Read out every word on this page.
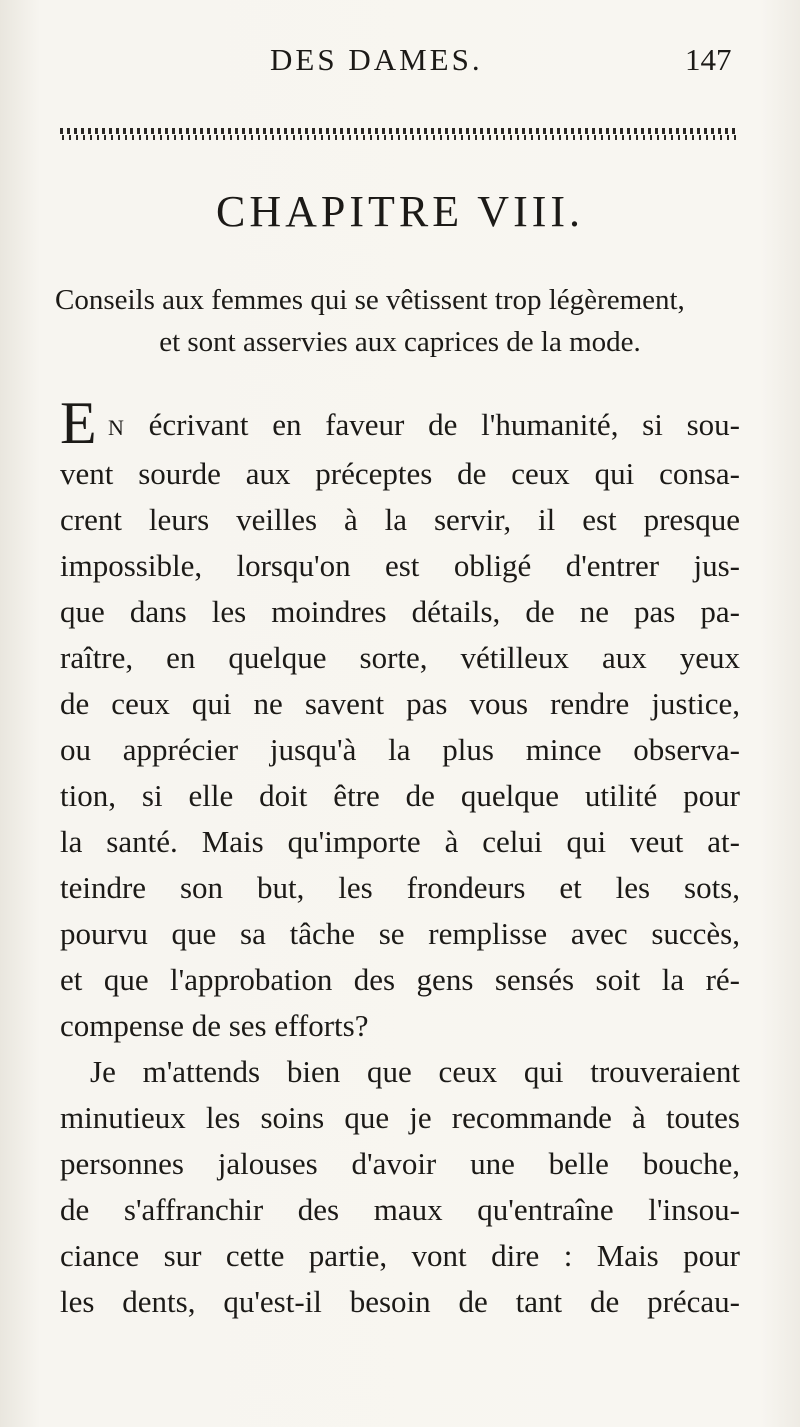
DES DAMES.	147
CHAPITRE VIII.
Conseils aux femmes qui se vêtissent trop légèrement,
et sont asservies aux caprices de la mode.
E N écrivant en faveur de l'humanité, si sou-
vent sourde aux préceptes de ceux qui consa-
crent leurs veilles à la servir, il est presque
impossible, lorsqu'on est obligé d'entrer jus-
que dans les moindres détails, de ne pas pa-
raître, en quelque sorte, vétilleux aux yeux
de ceux qui ne savent pas vous rendre justice,
ou apprécier jusqu'à la plus mince observa-
tion, si elle doit être de quelque utilité pour
la santé. Mais qu'importe à celui qui veut at-
teindre son but, les frondeurs et les sots,
pourvu que sa tâche se remplisse avec succès,
et que l'approbation des gens sensés soit la ré-
compense de ses efforts?
Je m'attends bien que ceux qui trouveraient
minutieux les soins que je recommande à toutes
personnes jalouses d'avoir une belle bouche,
de s'affranchir des maux qu'entraîne l'insou-
ciance sur cette partie, vont dire : Mais pour
les dents, qu'est-il besoin de tant de précau-
